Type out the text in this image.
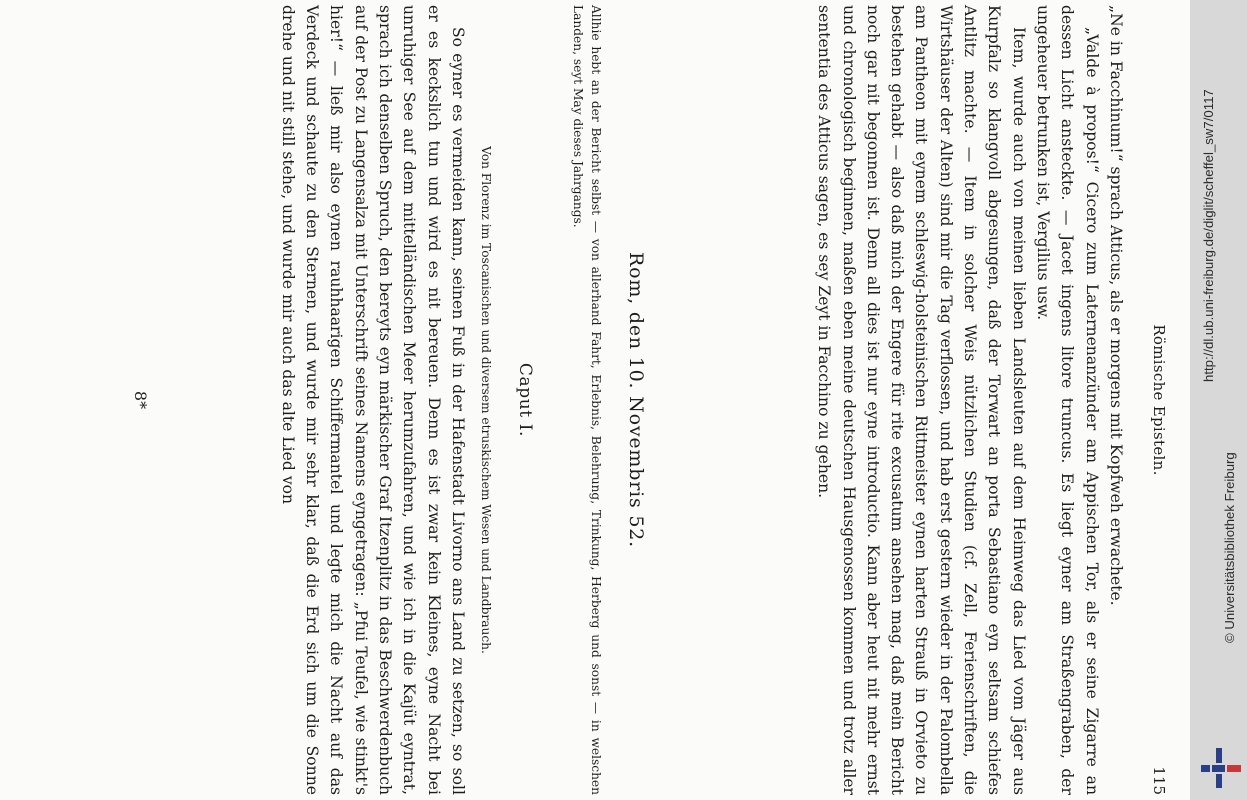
Römische Episteln.
115

„Ne in Facchinum!“ sprach Atticus, als er morgens mit Kopfweh erwachete.

„Valde à propos!“ Cicero zum Laternenanzünder am Appischen Tor, als er seine Zigarre an dessen Licht ansteckte. — Jacet ingens litore truncus. Es liegt eyner am Straßengraben, der ungeheuer betrunken ist, Vergilius usw.

Item, wurde auch von meinen lieben Landsleuten auf dem Heimweg das Lied vom Jäger aus Kurpfalz so klangvoll abgesungen, daß der Torwart an porta Sebastiano eyn seltsam schiefes Antlitz machte. — Item in solcher Weis nützlichen Studien (cf. Zell, Ferienschriften, die Wirtshäuser der Alten) sind mir die Tag verflossen, und hab erst gestern wieder in der Palombella am Pantheon mit eynem schleswig-holsteinischen Rittmeister eynen harten Strauß in Orvieto zu bestehen gehabt — also daß mich der Engere für rite excusatum ansehen mag, daß mein Bericht noch gar nit begonnen ist. Denn all dies ist nur eyne introductio. Kann aber heut nit mehr ernst und chronologisch beginnen, maßen eben meine deutschen Hausgenossen kommen und trotz aller sententia des Atticus sagen, es sey Zeyt in Facchino zu gehen.

Rom, den 10. Novembris 52.
Allhie hebt an der Bericht selbst — von allerhand Fahrt, Erlebnis, Belehrung, Trinkung, Herberg und sonst — in welschen Landen, seyt May dieses Jahrgangs.
Caput I.
Von Florenz im Toscanischen und diversem etruskischem Wesen und Landbrauch.

So eyner es vermeiden kann, seinen Fuß in der Hafenstadt Livorno ans Land zu setzen, so soll er es keckslich tun und wird es nit bereuen. Denn es ist zwar kein Kleines, eyne Nacht bei unruhiger See auf dem mittelländischen Meer herumzufahren, und wie ich in die Kajüt eyntrat, sprach ich denselben Spruch, den bereyts eyn märkischer Graf Itzenplitz in das Beschwerdenbuch auf der Post zu Langensalza mit Unterschrift seines Namens eyngetragen: „Pfui Teufel, wie stinkt's hier!“ — ließ mir also eynen rauhhaarigen Schiffermantel und legte mich die Nacht auf das Verdeck und schaute zu den Sternen, und wurde mir sehr klar, daß die Erd sich um die Sonne drehe und nit still stehe, und wurde mir auch das alte Lied von

8*
http://dl.ub.uni-freiburg.de/diglit/scheffel_sw7/0117
© Universitätsbibliothek Freiburg
